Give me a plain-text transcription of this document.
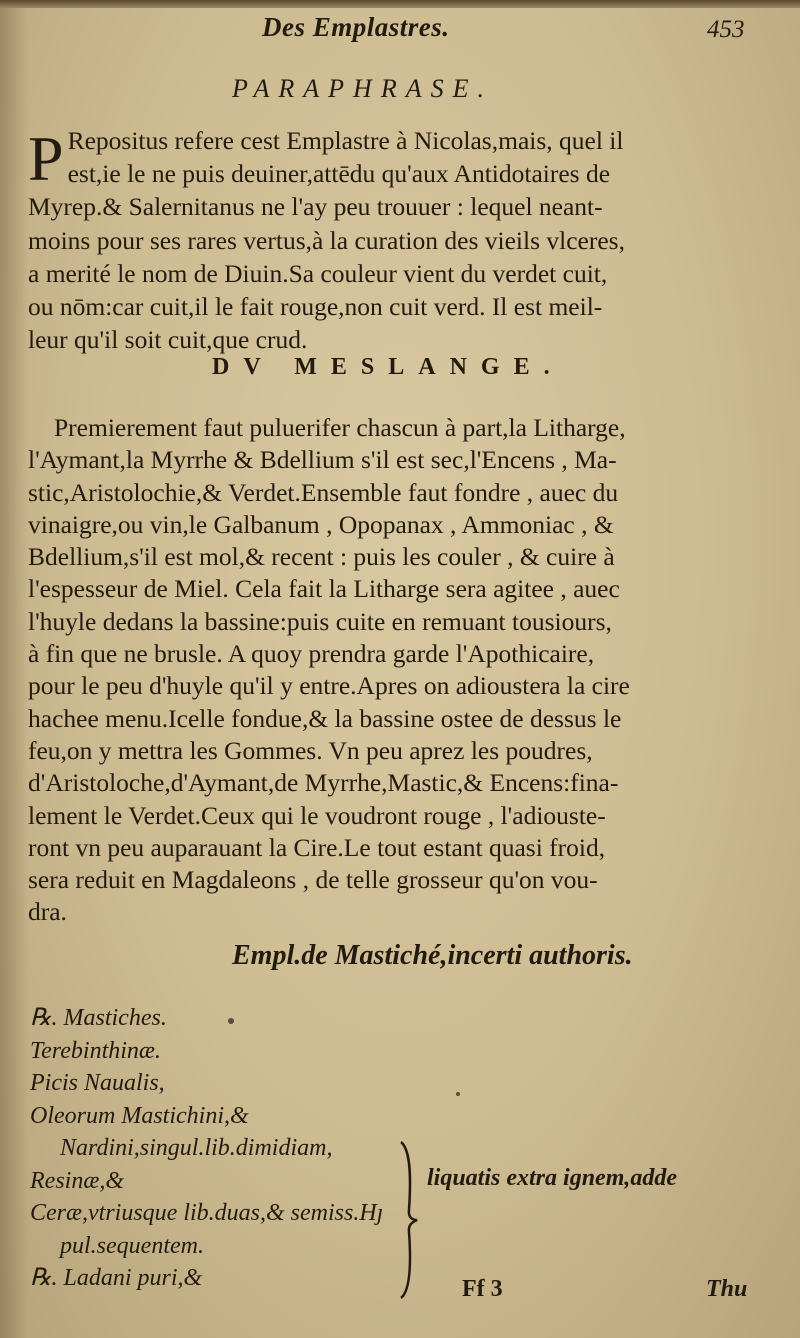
Des Emplastres.	453
PARAPHRASE.
P Repositus refere cest Emplastre à Nicolas,mais, quel il
est,ie le ne puis deuiner,attēdu qu'aux Antidotaires de
Myrep.& Salernitanus ne l'ay peu trouuer : lequel neant-
moins pour ses rares vertus,à la curation des vieils vlceres,
a merité le nom de Diuin.Sa couleur vient du verdet cuit,
ou nōm:car cuit,il le fait rouge,non cuit verd. Il est meil-
leur qu'il soit cuit,que crud.
DV MESLANGE.
Premierement faut puluerifer chascun à part,la Litharge,
l'Aymant,la Myrrhe & Bdellium s'il est sec,l'Encens , Ma-
stic,Aristolochie,& Verdet.Ensemble faut fondre , auec du
vinaigre,ou vin,le Galbanum , Opopanax , Ammoniac , &
Bdellium,s'il est mol,& recent : puis les couler , & cuire à
l'espesseur de Miel. Cela fait la Litharge sera agitee , auec
l'huyle dedans la bassine:puis cuite en remuant tousiours,
à fin que ne brusle. A quoy prendra garde l'Apothicaire,
pour le peu d'huyle qu'il y entre.Apres on adioustera la cire
hachee menu.Icelle fondue,& la bassine ostee de dessus le
feu,on y mettra les Gommes. Vn peu aprez les poudres,
d'Aristoloche,d'Aymant,de Myrrhe,Mastic,& Encens:fina-
lement le Verdet.Ceux qui le voudront rouge , l'adiouste-
ront vn peu auparauant la Cire.Le tout estant quasi froid,
sera reduit en Magdaleons , de telle grosseur qu'on vou-
dra.
Empl.de Mastiché,incerti authoris.
℞. Mastiches.
Terebinthinæ.
Picis Naualis,
Oleorum Mastichini,&
Nardini,singul.lib.dimidiam,
Resinæ,&
Ceræ,vtriusque lib.duas,& semiss.Hȷ
pul.sequentem.
℞. Ladani puri,&
liquatis extra ignem,adde
Ff 3	Thu
